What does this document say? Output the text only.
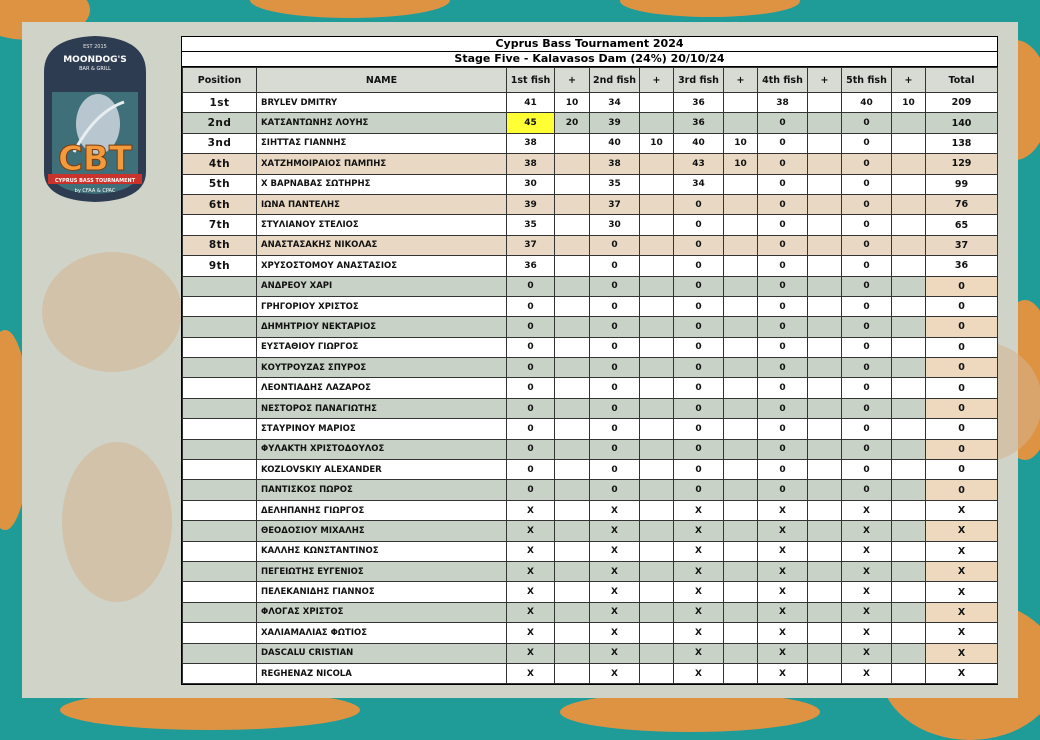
EST 2015
MOONDOG'S
BAR & GRILL
CBT
CYPRUS BASS TOURNAMENT
by CFAA & CPAC
Cyprus Bass Tournament 2024
Stage Five - Kalavasos Dam (24%) 20/10/24
Position	NAME	1st fish	+	2nd fish	+	3rd fish	+	4th fish	+	5th fish	+	Total
1st	BRYLEV DMITRY	41	10	34		36		38		40	10	209
2nd	ΚΑΤΣΑΝΤΩΝΗΣ ΛΟΥΗΣ	45	20	39		36		0		0		140
3nd	ΣΙΗΤΤΑΣ ΓΙΑΝΝΗΣ	38		40	10	40	10	0		0		138
4th	ΧΑΤΖΗΜΟΙΡΑΙΟΣ ΠΑΜΠΗΣ	38		38		43	10	0		0		129
5th	Χ ΒΑΡΝΑΒΑΣ ΣΩΤΗΡΗΣ	30		35		34		0		0		99
6th	ΙΩΝΑ ΠΑΝΤΕΛΗΣ	39		37		0		0		0		76
7th	ΣΤΥΛΙΑΝΟΥ ΣΤΕΛΙΟΣ	35		30		0		0		0		65
8th	ΑΝΑΣΤΑΣΑΚΗΣ ΝΙΚΟΛΑΣ	37		0		0		0		0		37
9th	ΧΡΥΣΟΣΤΟΜΟΥ ΑΝΑΣΤΑΣΙΟΣ	36		0		0		0		0		36
	ΑΝΔΡΕΟΥ ΧΑΡΙ	0		0		0		0		0		0
	ΓΡΗΓΟΡΙΟΥ ΧΡΙΣΤΟΣ	0		0		0		0		0		0
	ΔΗΜΗΤΡΙΟΥ ΝΕΚΤΑΡΙΟΣ	0		0		0		0		0		0
	ΕΥΣΤΑΘΙΟΥ ΓΙΩΡΓΟΣ	0		0		0		0		0		0
	ΚΟΥΤΡΟΥΖΑΣ ΣΠΥΡΟΣ	0		0		0		0		0		0
	ΛΕΟΝΤΙΑΔΗΣ ΛΑΖΑΡΟΣ	0		0		0		0		0		0
	ΝΕΣΤΟΡΟΣ ΠΑΝΑΓΙΩΤΗΣ	0		0		0		0		0		0
	ΣΤΑΥΡΙΝΟΥ ΜΑΡΙΟΣ	0		0		0		0		0		0
	ΦΥΛΑΚΤΗ ΧΡΙΣΤΟΔΟΥΛΟΣ	0		0		0		0		0		0
	KOZLOVSKIY ALEXANDER	0		0		0		0		0		0
	ΠΑΝΤΙΣΚΟΣ ΠΩΡΟΣ	0		0		0		0		0		0
	ΔΕΛΗΠΑΝΗΣ ΓΙΩΡΓΟΣ	X		X		X		X		X		X
	ΘΕΟΔΟΣΙΟΥ ΜΙΧΑΛΗΣ	X		X		X		X		X		X
	ΚΑΛΛΗΣ ΚΩΝΣΤΑΝΤΙΝΟΣ	X		X		X		X		X		X
	ΠΕΓΕΙΩΤΗΣ ΕΥΓΕΝΙΟΣ	X		X		X		X		X		X
	ΠΕΛΕΚΑΝΙΔΗΣ ΓΙΑΝΝΟΣ	X		X		X		X		X		X
	ΦΛΟΓΑΣ ΧΡΙΣΤΟΣ	X		X		X		X		X		X
	ΧΑΛΙΑΜΑΛΙΑΣ ΦΩΤΙΟΣ	X		X		X		X		X		X
	DASCALU CRISTIAN	X		X		X		X		X		X
	REGHENAZ NICOLA	X		X		X		X		X		X
